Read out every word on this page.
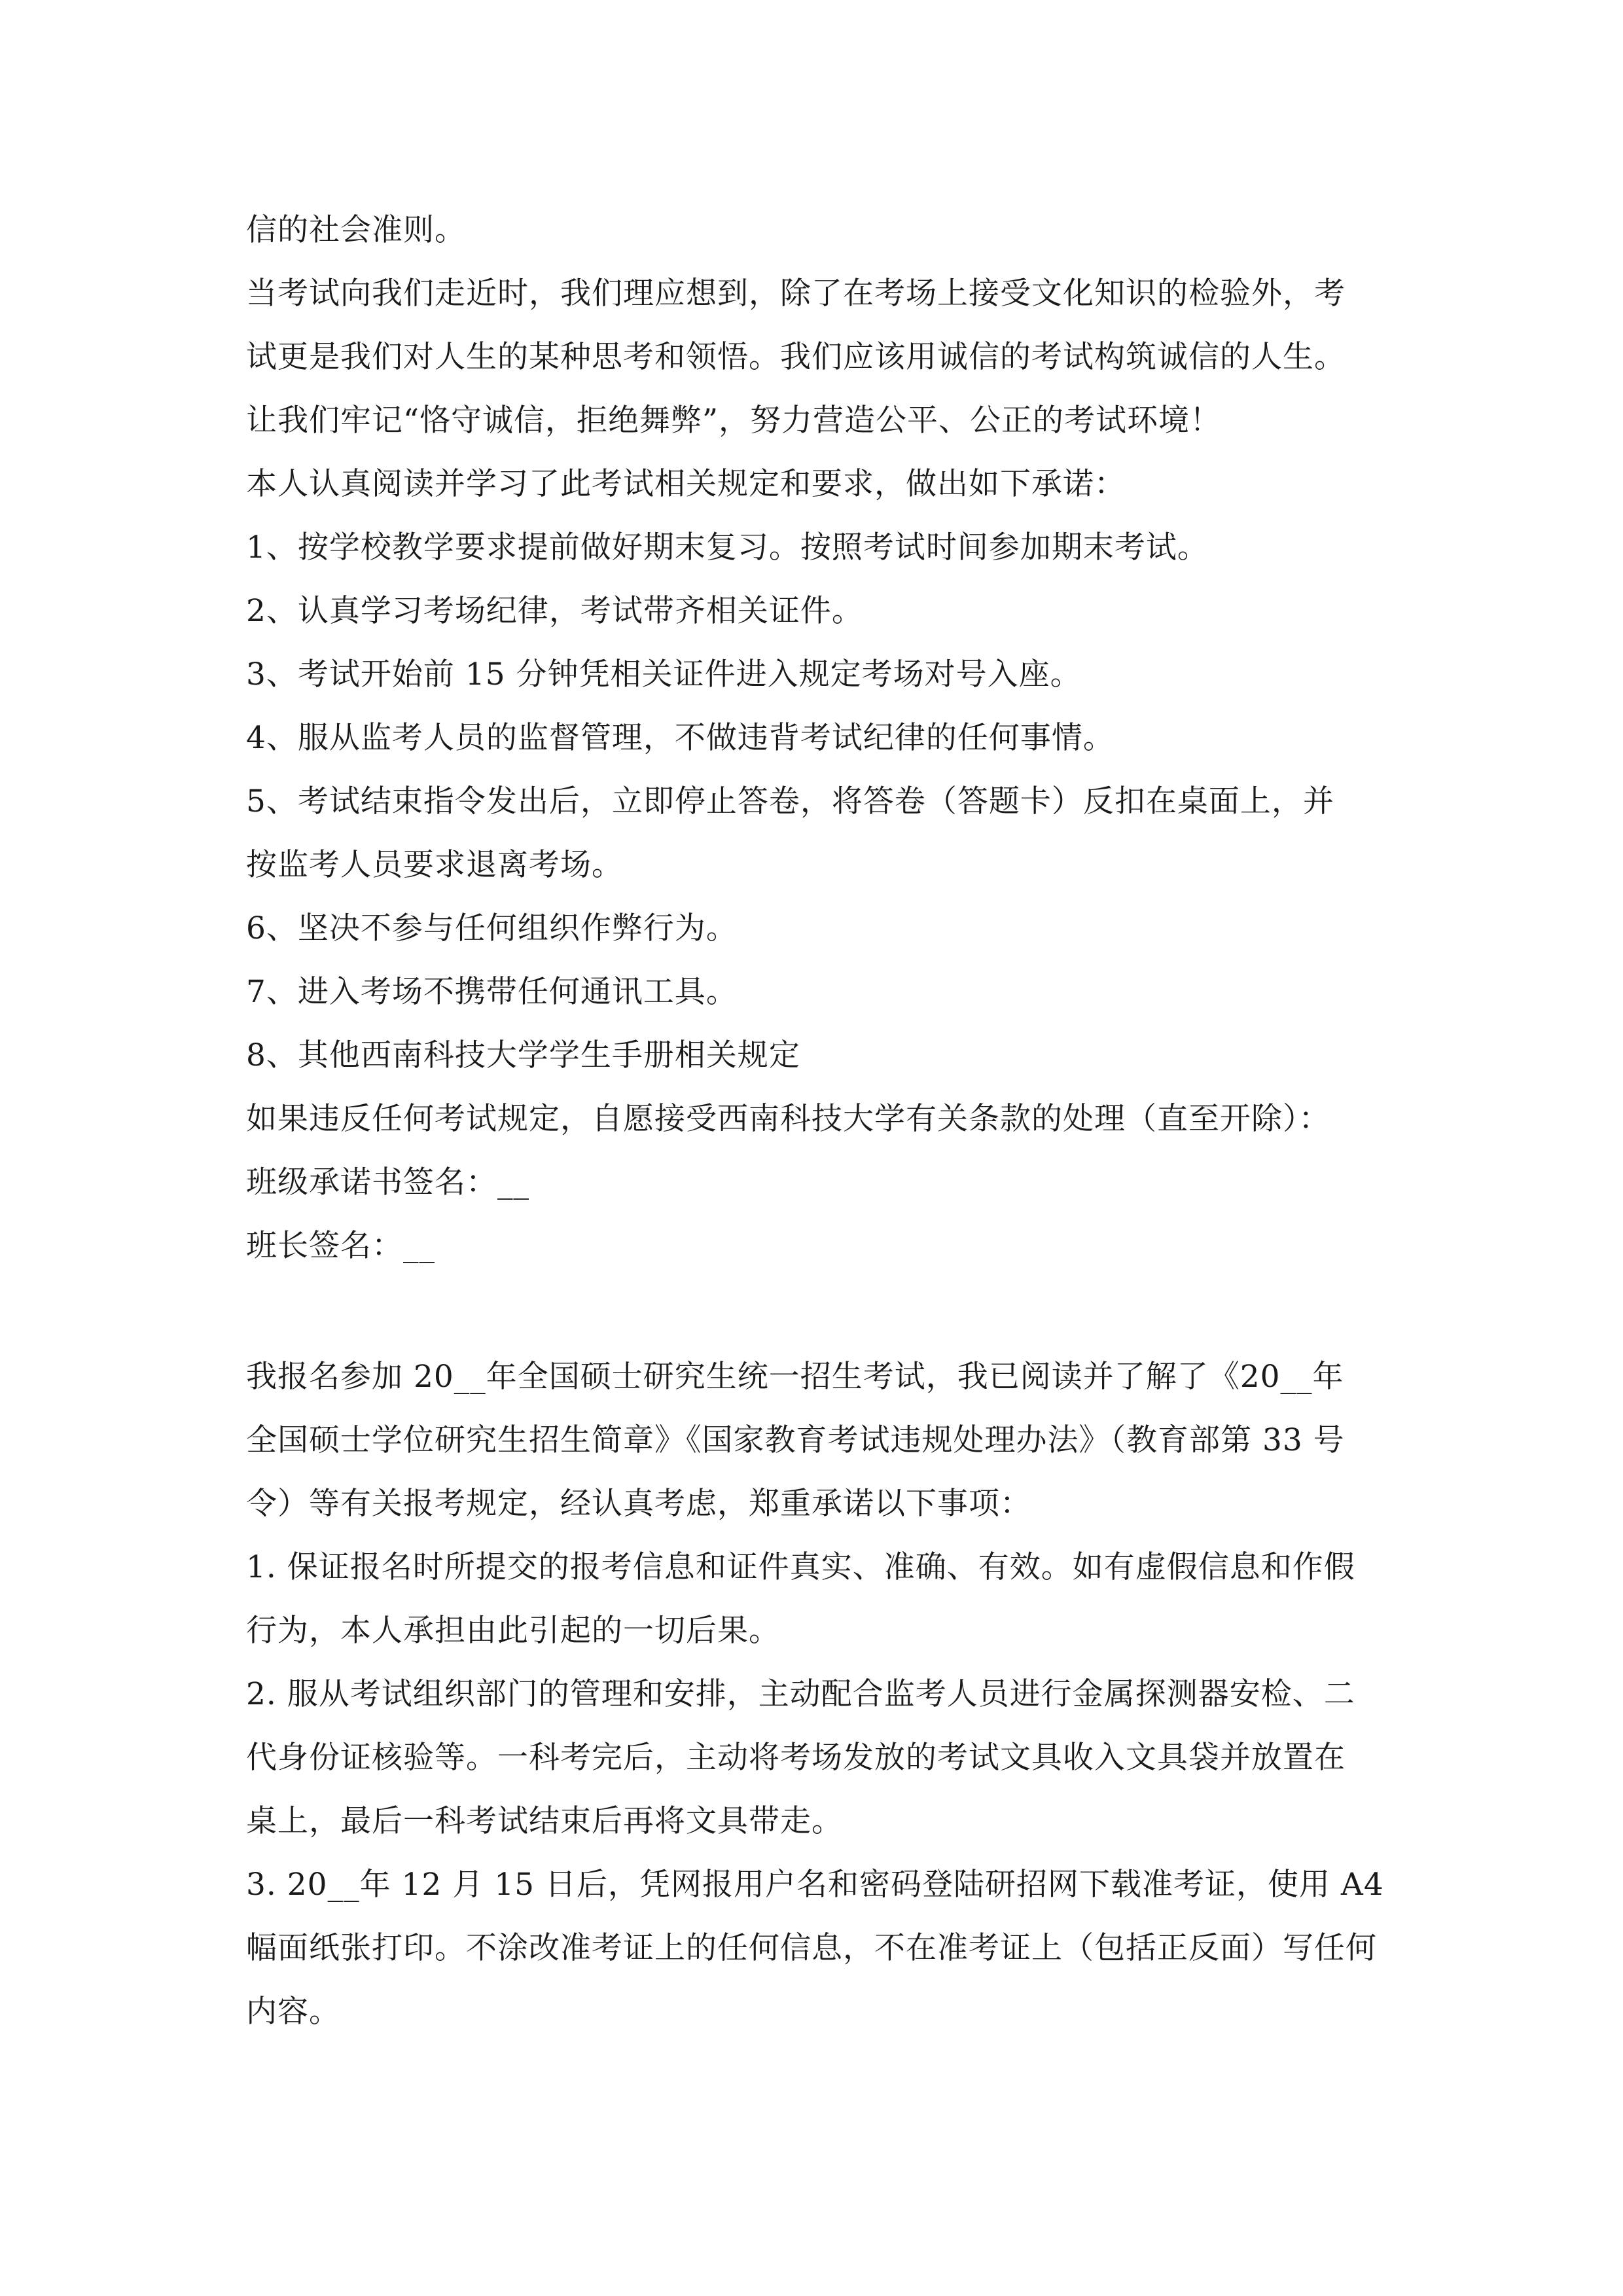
信的社会准则。
当考试向我们走近时，我们理应想到，除了在考场上接受文化知识的检验外，考
试更是我们对人生的某种思考和领悟。我们应该用诚信的考试构筑诚信的人生。
让我们牢记“恪守诚信，拒绝舞弊”，努力营造公平、公正的考试环境！
本人认真阅读并学习了此考试相关规定和要求，做出如下承诺：
1、按学校教学要求提前做好期末复习。按照考试时间参加期末考试。
2、认真学习考场纪律，考试带齐相关证件。
3、考试开始前 15 分钟凭相关证件进入规定考场对号入座。
4、服从监考人员的监督管理，不做违背考试纪律的任何事情。
5、考试结束指令发出后，立即停止答卷，将答卷（答题卡）反扣在桌面上，并
按监考人员要求退离考场。
6、坚决不参与任何组织作弊行为。
7、进入考场不携带任何通讯工具。
8、其他西南科技大学学生手册相关规定
如果违反任何考试规定，自愿接受西南科技大学有关条款的处理（直至开除）：
班级承诺书签名：__
班长签名：__
我报名参加 20__年全国硕士研究生统一招生考试，我已阅读并了解了《20__年
全国硕士学位研究生招生简章》《国家教育考试违规处理办法》（教育部第 33 号
令）等有关报考规定，经认真考虑，郑重承诺以下事项：
1. 保证报名时所提交的报考信息和证件真实、准确、有效。如有虚假信息和作假
行为，本人承担由此引起的一切后果。
2. 服从考试组织部门的管理和安排，主动配合监考人员进行金属探测器安检、二
代身份证核验等。一科考完后，主动将考场发放的考试文具收入文具袋并放置在
桌上，最后一科考试结束后再将文具带走。
3. 20__年 12 月 15 日后，凭网报用户名和密码登陆研招网下载准考证，使用 A4
幅面纸张打印。不涂改准考证上的任何信息，不在准考证上（包括正反面）写任何
内容。
